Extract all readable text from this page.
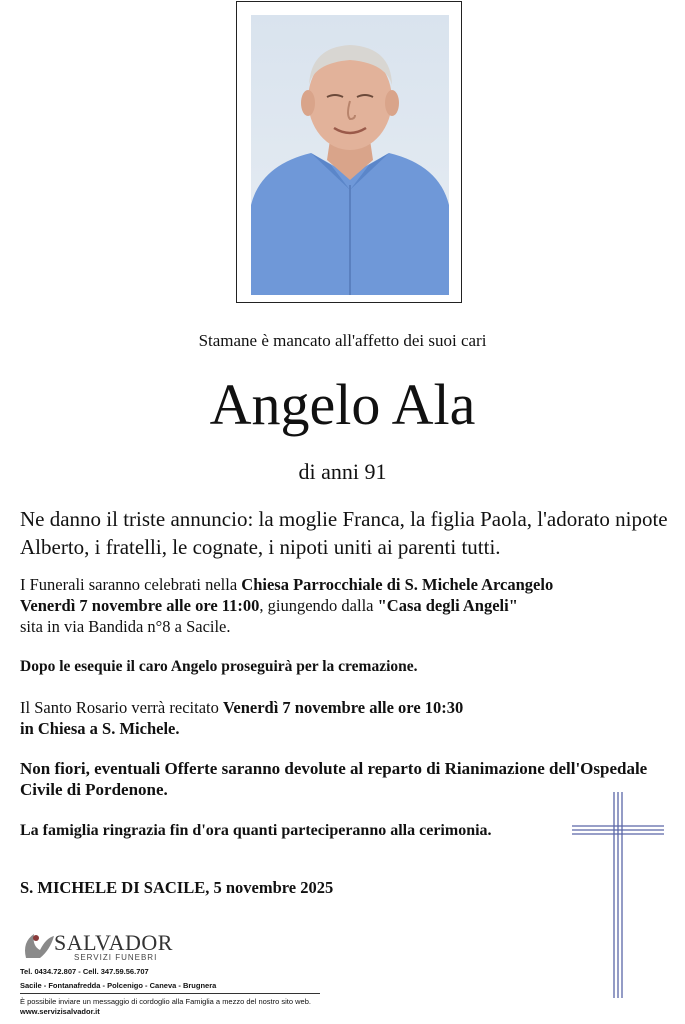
Stamane è mancato all'affetto dei suoi cari
Angelo Ala
di anni 91
Ne danno il triste annuncio: la moglie Franca, la figlia Paola, l'adorato nipote Alberto, i fratelli, le cognate, i nipoti uniti ai parenti tutti.
I Funerali saranno celebrati nella Chiesa Parrocchiale di S. Michele Arcangelo
Venerdì 7 novembre alle ore 11:00, giungendo dalla "Casa degli Angeli"
sita in via Bandida n°8 a Sacile.
Dopo le esequie il caro Angelo proseguirà per la cremazione.
Il Santo Rosario verrà recitato Venerdì 7 novembre alle ore 10:30
in Chiesa a S. Michele.
Non fiori, eventuali Offerte saranno devolute al reparto di Rianimazione dell'Ospedale Civile di Pordenone.
La famiglia ringrazia fin d'ora quanti parteciperanno alla cerimonia.
S. MICHELE DI SACILE, 5 novembre 2025
SALVADOR
SERVIZI FUNEBRI
Tel. 0434.72.807 - Cell. 347.59.56.707
Sacile - Fontanafredda - Polcenigo - Caneva - Brugnera
È possibile inviare un messaggio di cordoglio alla Famiglia a mezzo del nostro sito web.
www.servizisalvador.it
